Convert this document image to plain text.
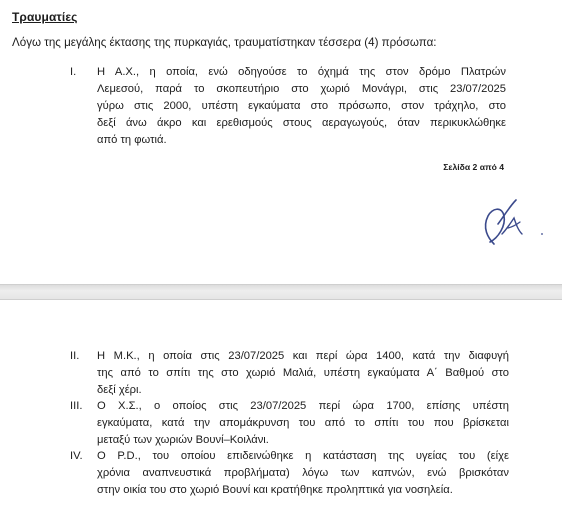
Τραυματίες
Λόγω της μεγάλης έκτασης της πυρκαγιάς, τραυματίστηκαν τέσσερα (4) πρόσωπα:
I. Η Α.Χ., η οποία, ενώ οδηγούσε το όχημά της στον δρόμο Πλατρών
Λεμεσού, παρά το σκοπευτήριο στο χωριό Μονάγρι, στις 23/07/2025
γύρω στις 2000, υπέστη εγκαύματα στο πρόσωπο, στον τράχηλο, στο
δεξί άνω άκρο και ερεθισμούς στους αεραγωγούς, όταν περικυκλώθηκε
από τη φωτιά.
Σελίδα 2 από 4
II. Η Μ.Κ., η οποία στις 23/07/2025 και περί ώρα 1400, κατά την διαφυγή
της από το σπίτι της στο χωριό Μαλιά, υπέστη εγκαύματα Α΄ Βαθμού στο
δεξί χέρι.
III. Ο Χ.Σ., ο οποίος στις 23/07/2025 περί ώρα 1700, επίσης υπέστη
εγκαύματα, κατά την απομάκρυνση του από το σπίτι του που βρίσκεται
μεταξύ των χωριών Βουνί–Κοιλάνι.
IV. Ο P.D., του οποίου επιδεινώθηκε η κατάσταση της υγείας του (είχε
χρόνια αναπνευστικά προβλήματα) λόγω των καπνών, ενώ βρισκόταν
στην οικία του στο χωριό Βουνί και κρατήθηκε προληπτικά για νοσηλεία.
